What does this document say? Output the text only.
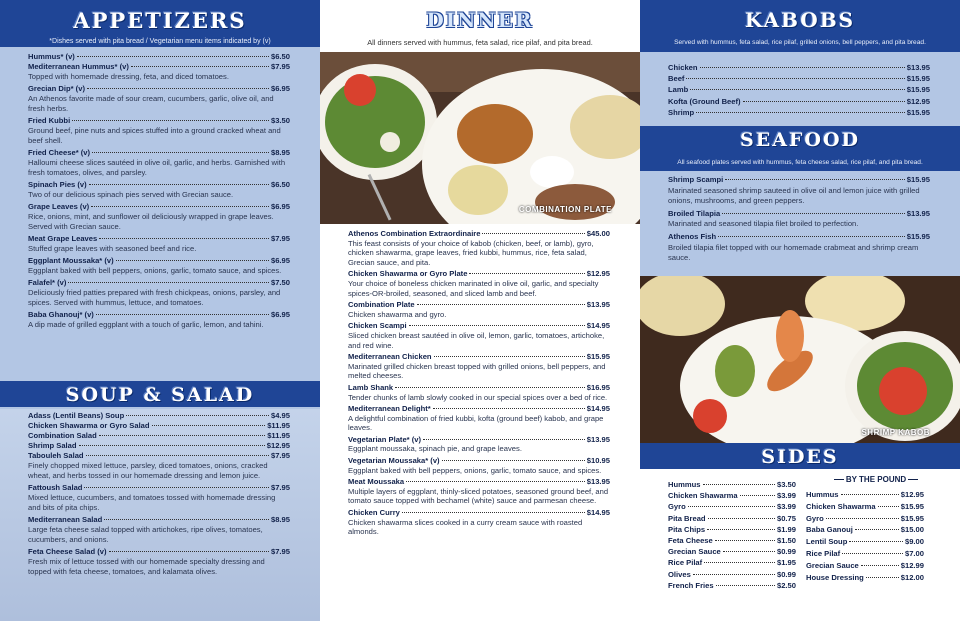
APPETIZERS
*Dishes served with pita bread / Vegetarian menu items indicated by (v)
Hummus* (v)	$6.50
Mediterranean Hummus* (v)	$7.95
Topped with homemade dressing, feta, and diced tomatoes.
Grecian Dip* (v)	$6.95
An Athenos favorite made of sour cream, cucumbers, garlic, olive oil, and fresh herbs.
Fried Kubbi	$3.50
Ground beef, pine nuts and spices stuffed into a ground cracked wheat and beef shell.
Fried Cheese* (v)	$8.95
Halloumi cheese slices sautéed in olive oil, garlic, and herbs. Garnished with fresh tomatoes, olives, and parsley.
Spinach Pies (v)	$6.50
Two of our delicious spinach pies served with Grecian sauce.
Grape Leaves (v)	$6.95
Rice, onions, mint, and sunflower oil deliciously wrapped in grape leaves. Served with Grecian sauce.
Meat Grape Leaves	$7.95
Stuffed grape leaves with seasoned beef and rice.
Eggplant Moussaka* (v)	$6.95
Eggplant baked with bell peppers, onions, garlic, tomato sauce, and spices.
Falafel* (v)	$7.50
Deliciously fried patties prepared with fresh chickpeas, onions, parsley, and spices. Served with hummus, lettuce, and tomatoes.
Baba Ghanouj* (v)	$6.95
A dip made of grilled eggplant with a touch of garlic, lemon, and tahini.
SOUP & SALAD
Adass (Lentil Beans) Soup	$4.95
Chicken Shawarma or Gyro Salad	$11.95
Combination Salad	$11.95
Shrimp Salad	$12.95
Tabouleh Salad	$7.95
Finely chopped mixed lettuce, parsley, diced tomatoes, onions, cracked wheat, and herbs tossed in our homemade dressing and lemon juice.
Fattoush Salad	$7.95
Mixed lettuce, cucumbers, and tomatoes tossed with homemade dressing and bits of pita chips.
Mediterranean Salad	$8.95
Large feta cheese salad topped with artichokes, ripe olives, tomatoes, cucumbers, and onions.
Feta Cheese Salad (v)	$7.95
Fresh mix of lettuce tossed with our homemade specialty dressing and topped with feta cheese, tomatoes, and kalamata olives.
DINNER
All dinners served with hummus, feta salad, rice pilaf, and pita bread.
COMBINATION PLATE
Athenos Combination Extraordinaire	$45.00
This feast consists of your choice of kabob (chicken, beef, or lamb), gyro, chicken shawarma, grape leaves, fried kubbi, hummus, rice, feta salad, Grecian sauce, and pita.
Chicken Shawarma or Gyro Plate	$12.95
Your choice of boneless chicken marinated in olive oil, garlic, and specialty spices-OR-broiled, seasoned, and sliced lamb and beef.
Combination Plate	$13.95
Chicken shawarma and gyro.
Chicken Scampi	$14.95
Sliced chicken breast sautéed in olive oil, lemon, garlic, tomatoes, artichoke, and red wine.
Mediterranean Chicken	$15.95
Marinated grilled chicken breast topped with grilled onions, bell peppers, and melted cheeses.
Lamb Shank	$16.95
Tender chunks of lamb slowly cooked in our special spices over a bed of rice.
Mediterranean Delight*	$14.95
A delightful combination of fried kubbi, kofta (ground beef) kabob, and grape leaves.
Vegetarian Plate* (v)	$13.95
Eggplant moussaka, spinach pie, and grape leaves.
Vegetarian Moussaka* (v)	$10.95
Eggplant baked with bell peppers, onions, garlic, tomato sauce, and spices.
Meat Moussaka	$13.95
Multiple layers of eggplant, thinly-sliced potatoes, seasoned ground beef, and tomato sauce topped with bechamel (white) sauce and parmesan cheese.
Chicken Curry	$14.95
Chicken shawarma slices cooked in a curry cream sauce with roasted almonds.
KABOBS
Served with hummus, feta salad, rice pilaf, grilled onions, bell peppers, and pita bread.
Chicken	$13.95
Beef	$15.95
Lamb	$15.95
Kofta (Ground Beef)	$12.95
Shrimp	$15.95
SEAFOOD
All seafood plates served with hummus, feta cheese salad, rice pilaf, and pita bread.
Shrimp Scampi	$15.95
Marinated seasoned shrimp sauteed in olive oil and lemon juice with grilled onions, mushrooms, and green peppers.
Broiled Tilapia	$13.95
Marinated and seasoned tilapia filet broiled to perfection.
Athenos Fish	$15.95
Broiled tilapia filet topped with our homemade crabmeat and shrimp cream sauce.
SHRIMP KABOB
SIDES
Hummus	$3.50
Chicken Shawarma	$3.99
Gyro	$3.99
Pita Bread	$0.75
Pita Chips	$1.99
Feta Cheese	$1.50
Grecian Sauce	$0.99
Rice Pilaf	$1.95
Olives	$0.99
French Fries	$2.50
BY THE POUND
Hummus	$12.95
Chicken Shawarma	$15.95
Gyro	$15.95
Baba Ganouj	$15.00
Lentil Soup	$9.00
Rice Pilaf	$7.00
Grecian Sauce	$12.99
House Dressing	$12.00
